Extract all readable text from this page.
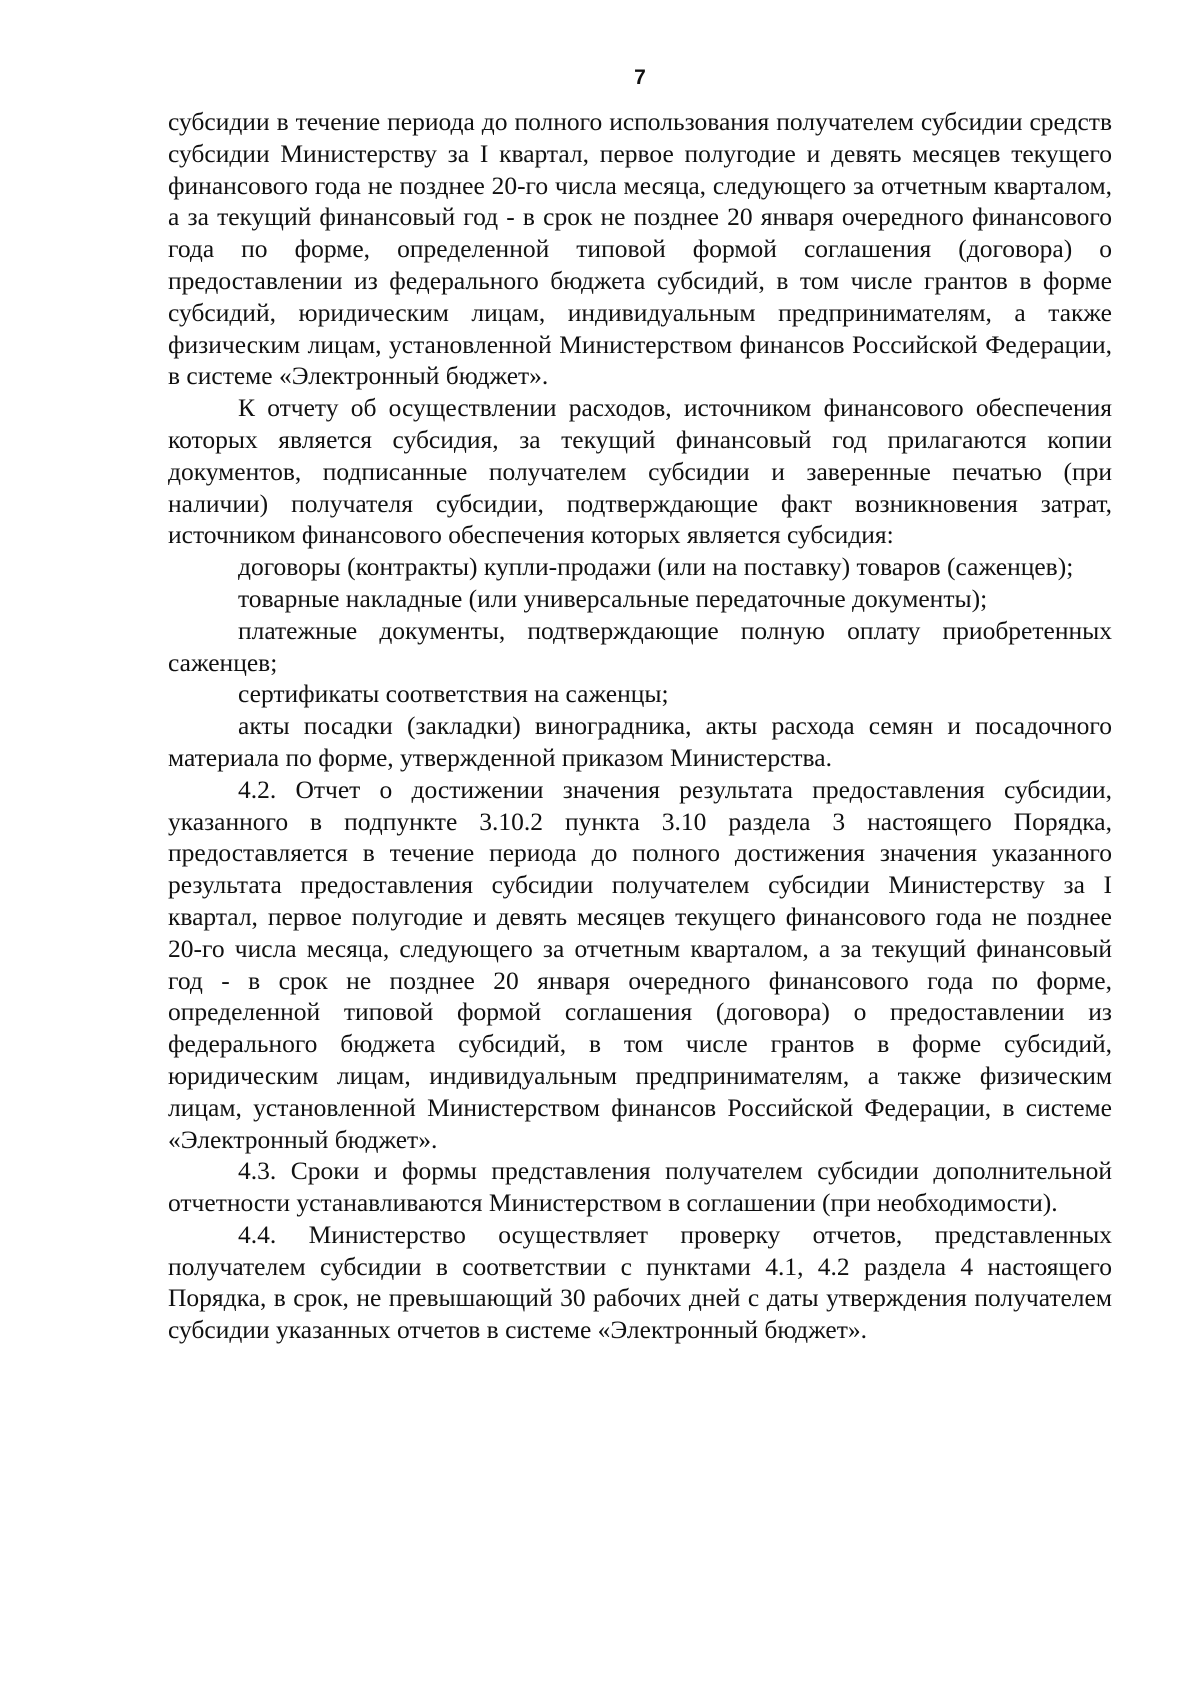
7

субсидии в течение периода до полного использования получателем субсидии средств субсидии Министерству за I квартал, первое полугодие и девять месяцев текущего финансового года не позднее 20-го числа месяца, следующего за отчетным кварталом, а за текущий финансовый год - в срок не позднее 20 января очередного финансового года по форме, определенной типовой формой соглашения (договора) о предоставлении из федерального бюджета субсидий, в том числе грантов в форме субсидий, юридическим лицам, индивидуальным предпринимателям, а также физическим лицам, установленной Министерством финансов Российской Федерации, в системе «Электронный бюджет».

К отчету об осуществлении расходов, источником финансового обеспечения которых является субсидия, за текущий финансовый год прилагаются копии документов, подписанные получателем субсидии и заверенные печатью (при наличии) получателя субсидии, подтверждающие факт возникновения затрат, источником финансового обеспечения которых является субсидия:

договоры (контракты) купли-продажи (или на поставку) товаров (саженцев);

товарные накладные (или универсальные передаточные документы);

платежные документы, подтверждающие полную оплату приобретенных саженцев;

сертификаты соответствия на саженцы;

акты посадки (закладки) виноградника, акты расхода семян и посадочного материала по форме, утвержденной приказом Министерства.

4.2. Отчет о достижении значения результата предоставления субсидии, указанного в подпункте 3.10.2 пункта 3.10 раздела 3 настоящего Порядка, предоставляется в течение периода до полного достижения значения указанного результата предоставления субсидии получателем субсидии Министерству за I квартал, первое полугодие и девять месяцев текущего финансового года не позднее 20-го числа месяца, следующего за отчетным кварталом, а за текущий финансовый год - в срок не позднее 20 января очередного финансового года по форме, определенной типовой формой соглашения (договора) о предоставлении из федерального бюджета субсидий, в том числе грантов в форме субсидий, юридическим лицам, индивидуальным предпринимателям, а также физическим лицам, установленной Министерством финансов Российской Федерации, в системе «Электронный бюджет».

4.3. Сроки и формы представления получателем субсидии дополнительной отчетности устанавливаются Министерством в соглашении (при необходимости).

4.4. Министерство осуществляет проверку отчетов, представленных получателем субсидии в соответствии с пунктами 4.1, 4.2 раздела 4 настоящего Порядка, в срок, не превышающий 30 рабочих дней с даты утверждения получателем субсидии указанных отчетов в системе «Электронный бюджет».
